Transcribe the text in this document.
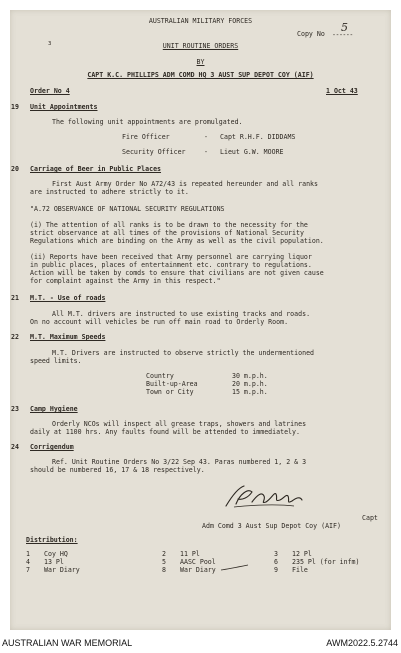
AUSTRALIAN MILITARY FORCES
Copy No 5
------
3	UNIT ROUTINE ORDERS
BY
CAPT K.C. PHILLIPS ADM COMD HQ 3 AUST SUP DEPOT COY (AIF)
Order No 4	1 Oct 43
19 Unit Appointments
The following unit appointments are promulgated.
Fire Officer	- Capt R.H.F. DIDDAMS
Security Officer	- Lieut G.W. MOORE
20 Carriage of Beer in Public Places
First Aust Army Order No A72/43 is repeated hereunder and all ranks
are instructed to adhere strictly to it.
"A.72 OBSERVANCE OF NATIONAL SECURITY REGULATIONS
(i) The attention of all ranks is to be drawn to the necessity for the
strict observance at all times of the provisions of National Security
Regulations which are binding on the Army as well as the civil population.
(ii) Reports have been received that Army personnel are carrying liquor
in public places, places of entertainment etc. contrary to regulations.
Action will be taken by comds to ensure that civilians are not given cause
for complaint against the Army in this respect."
21 M.T. - Use of roads
All M.T. drivers are instructed to use existing tracks and roads.
On no account will vehicles be run off main road to Orderly Room.
22 M.T. Maximum Speeds
M.T. Drivers are instructed to observe strictly the undermentioned
speed limits.
Country	30 m.p.h.
Built-up-Area	20 m.p.h.
Town or City	15 m.p.h.
23 Camp Hygiene
Orderly NCOs will inspect all grease traps, showers and latrines
daily at 1100 hrs. Any faults found will be attended to immediately.
24 Corrigendum
Ref. Unit Routine Orders No 3/22 Sep 43. Paras numbered 1, 2 & 3
should be numbered 16, 17 & 18 respectively.
Capt
Adm Comd 3 Aust Sup Depot Coy (AIF)
Distribution:
1 Coy HQ	2 11 Pl	3 12 Pl
4 13 Pl	5 AASC Pool	6 235 Pl (for infm)
7 War Diary	8 War Diary	9 File
AUSTRALIAN WAR MEMORIAL	AWM2022.5.2744
